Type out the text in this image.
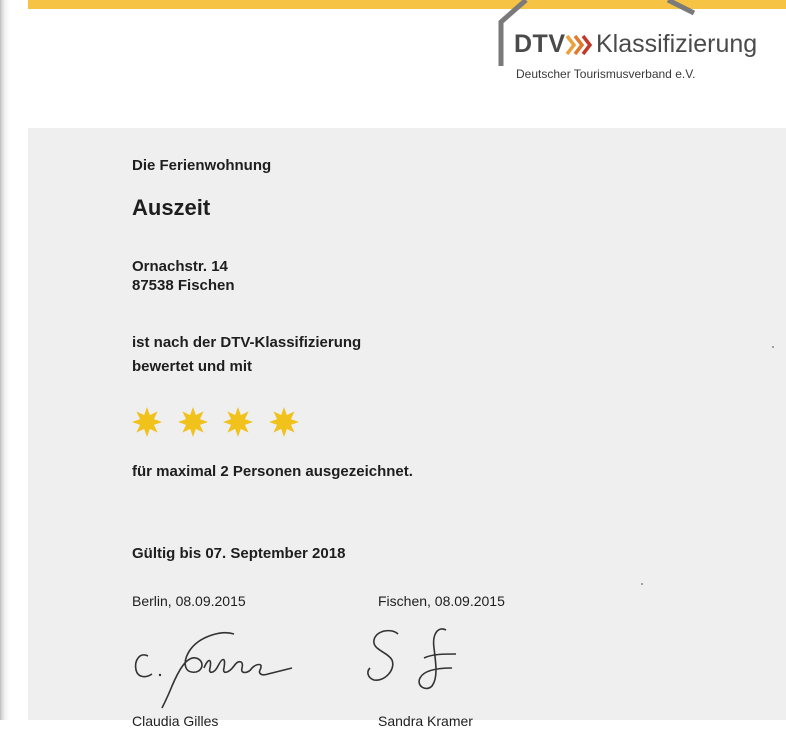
DTV Klassifizierung
Deutscher Tourismusverband e.V.
Die Ferienwohnung
Auszeit
Ornachstr. 14
87538 Fischen
ist nach der DTV-Klassifizierung
bewertet und mit
für maximal 2 Personen ausgezeichnet.
Gültig bis 07. September 2018
Berlin, 08.09.2015	Fischen, 08.09.2015
Claudia Gilles	Sandra Kramer
